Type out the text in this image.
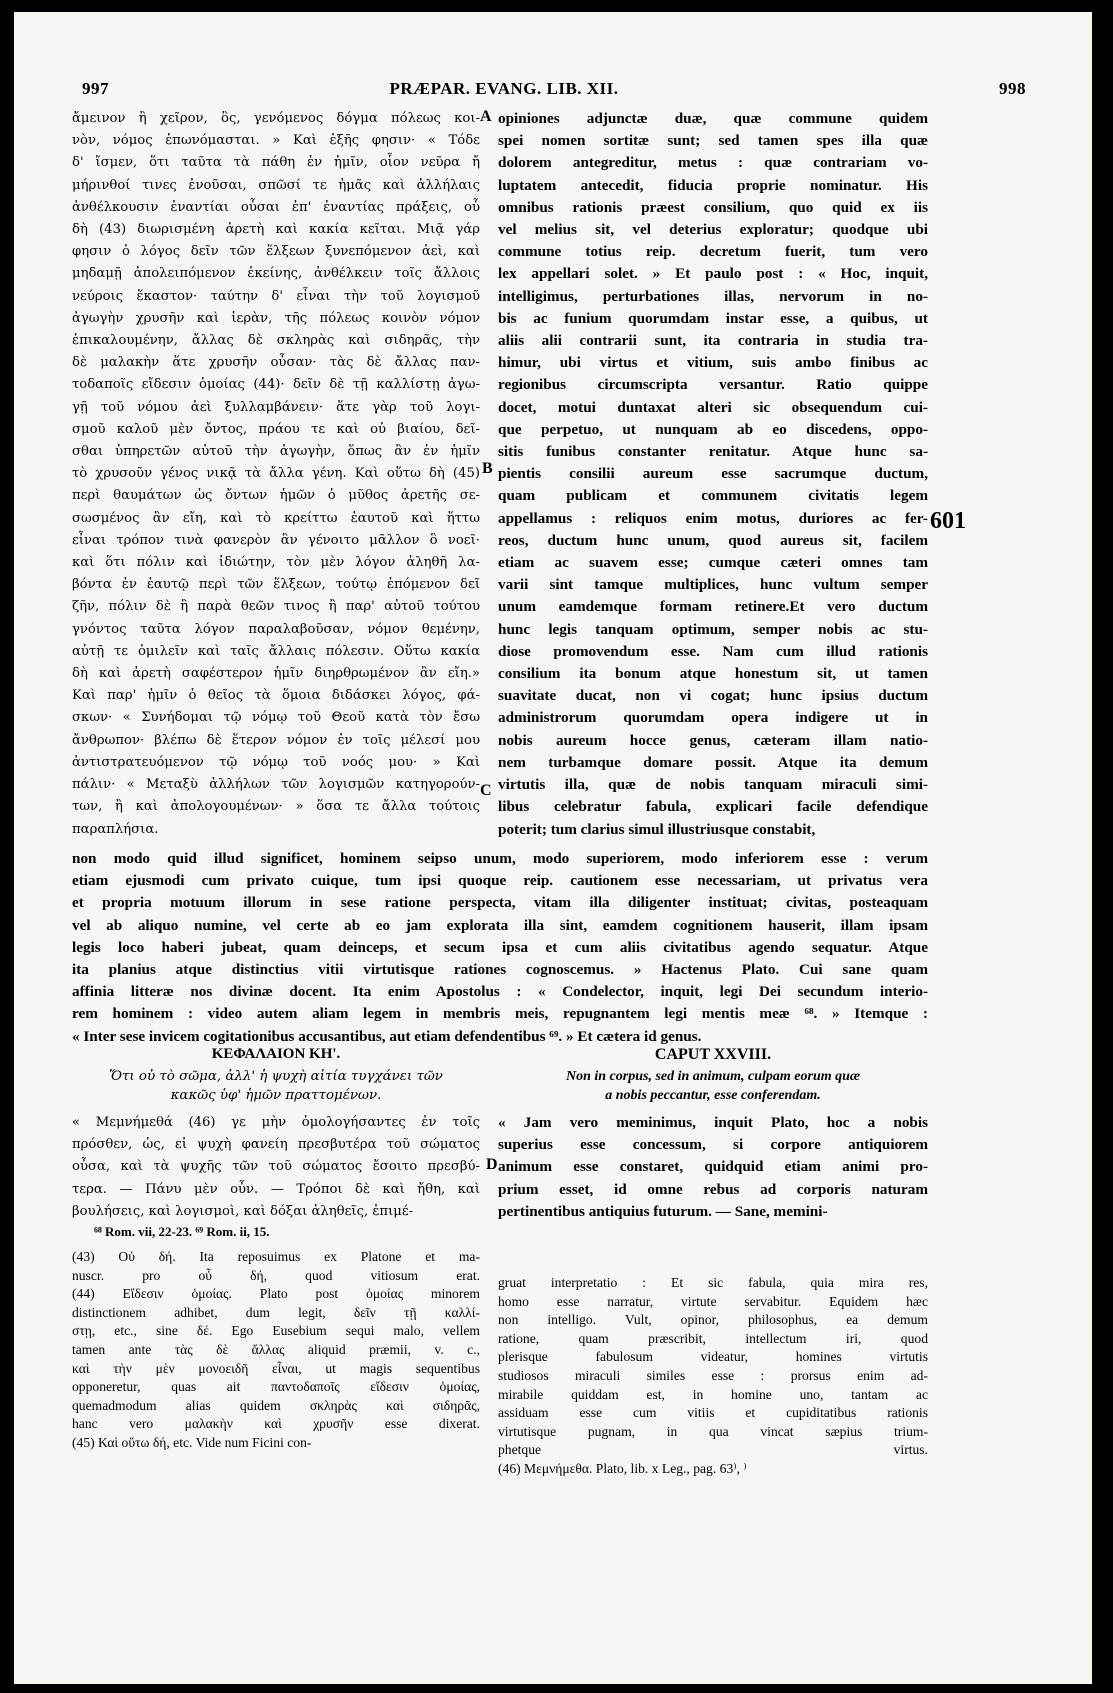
997	PRÆPAR. EVANG. LIB. XII.	998
ἄμεινον ἢ χεῖρον, ὃς, γενόμενος δόγμα πόλεως κοι-
νὸν, νόμος ἐπωνόμασται. » Καὶ ἑξῆς φησιν· « Τόδε
δ' ἴσμεν, ὅτι ταῦτα τὰ πάθη ἐν ἡμῖν, οἷον νεῦρα ἤ
μήρινθοί τινες ἐνοῦσαι, σπῶσί τε ἡμᾶς καὶ ἀλλήλαις
ἀνθέλκουσιν ἐναντίαι οὖσαι ἐπ' ἐναντίας πράξεις, οὗ
δὴ (43) διωρισμένη ἀρετὴ καὶ κακία κεῖται. Μιᾷ γάρ
φησιν ὁ λόγος δεῖν τῶν ἕλξεων ξυνεπόμενον ἀεὶ, καὶ
μηδαμῇ ἀπολειπόμενον ἐκείνης, ἀνθέλκειν τοῖς ἄλλοις
νεύροις ἕκαστον· ταύτην δ' εἶναι τὴν τοῦ λογισμοῦ
ἀγωγὴν χρυσῆν καὶ ἱερὰν, τῆς πόλεως κοινὸν νόμον
ἐπικαλουμένην, ἄλλας δὲ σκληρὰς καὶ σιδηρᾶς, τὴν
δὲ μαλακὴν ἅτε χρυσῆν οὖσαν· τὰς δὲ ἄλλας παν-
τοδαποῖς εἴδεσιν ὁμοίας (44)· δεῖν δὲ τῇ καλλίστῃ ἀγω-
γῇ τοῦ νόμου ἀεὶ ξυλλαμβάνειν· ἅτε γὰρ τοῦ λογι-
σμοῦ καλοῦ μὲν ὄντος, πράου τε καὶ οὐ βιαίου, δεῖ-
σθαι ὑπηρετῶν αὐτοῦ τὴν ἀγωγὴν, ὅπως ἂν ἐν ἡμῖν
τὸ χρυσοῦν γένος νικᾷ τὰ ἄλλα γένη. Καὶ οὕτω δὴ (45)
περὶ θαυμάτων ὡς ὄντων ἡμῶν ὁ μῦθος ἀρετῆς σε-
σωσμένος ἂν εἴη, καὶ τὸ κρείττω ἑαυτοῦ καὶ ἥττω
εἶναι τρόπον τινὰ φανερὸν ἂν γένοιτο μᾶλλον ὃ νοεῖ·
καὶ ὅτι πόλιν καὶ ἰδιώτην, τὸν μὲν λόγον ἀληθῆ λα-
βόντα ἐν ἑαυτῷ περὶ τῶν ἕλξεων, τούτῳ ἑπόμενον δεῖ
ζῆν, πόλιν δὲ ἢ παρὰ θεῶν τινος ἢ παρ' αὐτοῦ τούτου
γνόντος ταῦτα λόγον παραλαβοῦσαν, νόμον θεμένην,
αὐτῇ τε ὁμιλεῖν καὶ ταῖς ἄλλαις πόλεσιν. Οὕτω κακία
δὴ καὶ ἀρετὴ σαφέστερον ἡμῖν διηρθρωμένον ἂν εἴη.»
Καὶ παρ' ἡμῖν ὁ θεῖος τὰ ὅμοια διδάσκει λόγος, φά-
σκων· « Συνήδομαι τῷ νόμῳ τοῦ Θεοῦ κατὰ τὸν ἔσω
ἄνθρωπον· βλέπω δὲ ἕτερον νόμον ἐν τοῖς μέλεσί μου
ἀντιστρατευόμενον τῷ νόμῳ τοῦ νοός μου· » Καὶ
πάλιν· « Μεταξὺ ἀλλήλων τῶν λογισμῶν κατηγορούν-
των, ἢ καὶ ἀπολογουμένων· » ὅσα τε ἄλλα τούτοις
παραπλήσια.
opiniones adjunctæ duæ, quæ commune quidem
spei nomen sortitæ sunt; sed tamen spes illa quæ
dolorem antegreditur, metus : quæ contrariam vo-
luptatem antecedit, fiducia proprie nominatur. His
omnibus rationis præest consilium, quo quid ex iis
vel melius sit, vel deterius exploratur; quodque ubi
commune totius reip. decretum fuerit, tum vero
lex appellari solet. » Et paulo post : « Hoc, inquit,
intelligimus, perturbationes illas, nervorum in no-
bis ac funium quorumdam instar esse, a quibus, ut
aliis alii contrarii sunt, ita contraria in studia tra-
himur, ubi virtus et vitium, suis ambo finibus ac
regionibus circumscripta versantur. Ratio quippe
docet, motui duntaxat alteri sic obsequendum cui-
que perpetuo, ut nunquam ab eo discedens, oppo-
sitis funibus constanter renitatur. Atque hunc sa-
pientis consilii aureum esse sacrumque ductum,
quam publicam et communem civitatis legem
appellamus : reliquos enim motus, duriores ac fer-
reos, ductum hunc unum, quod aureus sit, facilem
etiam ac suavem esse; cumque cæteri omnes tam
varii sint tamque multiplices, hunc vultum semper
unum eamdemque formam retinere.Et vero ductum
hunc legis tanquam optimum, semper nobis ac stu-
diose promovendum esse. Nam cum illud rationis
consilium ita bonum atque honestum sit, ut tamen
suavitate ducat, non vi cogat; hunc ipsius ductum
administrorum quorumdam opera indigere ut in
nobis aureum hocce genus, cæteram illam natio-
nem turbamque domare possit. Atque ita demum
virtutis illa, quæ de nobis tanquam miraculi simi-
libus celebratur fabula, explicari facile defendique
poterit; tum clarius simul illustriusque constabit,
A
B
C
D
601
non modo quid illud significet, hominem seipso unum, modo superiorem, modo inferiorem esse : verum
etiam ejusmodi cum privato cuique, tum ipsi quoque reip. cautionem esse necessariam, ut privatus vera
et propria motuum illorum in sese ratione perspecta, vitam illa diligenter instituat; civitas, posteaquam
vel ab aliquo numine, vel certe ab eo jam explorata illa sint, eamdem cognitionem hauserit, illam ipsam
legis loco haberi jubeat, quam deinceps, et secum ipsa et cum aliis civitatibus agendo sequatur. Atque
ita planius atque distinctius vitii virtutisque rationes cognoscemus. » Hactenus Plato. Cui sane quam
affinia litteræ nos divinæ docent. Ita enim Apostolus : « Condelector, inquit, legi Dei secundum interio-
rem hominem : video autem aliam legem in membris meis, repugnantem legi mentis meæ ⁶⁸. » Itemque :
« Inter sese invicem cogitationibus accusantibus, aut etiam defendentibus ⁶⁹. » Et cætera id genus.
ΚΕΦΑΛΑΙΟΝ ΚΗ'.
Ὅτι οὐ τὸ σῶμα, ἀλλ' ἡ ψυχὴ αἰτία τυγχάνει τῶν
κακῶς ὑφ' ἡμῶν πραττομένων.
CAPUT XXVIII.
Non in corpus, sed in animum, culpam eorum quæ
a nobis peccantur, esse conferendam.
« Μεμνήμεθά (46) γε μὴν ὁμολογήσαντες ἐν τοῖς
πρόσθεν, ὡς, εἰ ψυχὴ φανείη πρεσβυτέρα τοῦ σώματος
οὖσα, καὶ τὰ ψυχῆς τῶν τοῦ σώματος ἔσοιτο πρεσβύ-
τερα. — Πάνυ μὲν οὖν. — Τρόποι δὲ καὶ ἤθη, καὶ
βουλήσεις, καὶ λογισμοὶ, καὶ δόξαι ἀληθεῖς, ἐπιμέ-
« Jam vero meminimus, inquit Plato, hoc a nobis
superius esse concessum, si corpore antiquiorem
animum esse constaret, quidquid etiam animi pro-
prium esset, id omne rebus ad corporis naturam
pertinentibus antiquius futurum. — Sane, memini-
⁶⁸ Rom. vii, 22-23. ⁶⁹ Rom. ii, 15.
(43) Οὐ δή. Ita reposuimus ex Platone et ma-
nuscr. pro οὗ δή, quod vitiosum erat.
(44) Εἴδεσιν ὁμοίας. Plato post ὁμοίας minorem
distinctionem adhibet, dum legit, δεῖν τῇ καλλί-
στῃ, etc., sine δέ. Ego Eusebium sequi malo, vellem
tamen ante τὰς δὲ ἄλλας aliquid præmii, v. c.,
καὶ τὴν μὲν μονοειδῆ εἶναι, ut magis sequentibus
opponeretur, quas ait παντοδαποῖς εἴδεσιν ὁμοίας,
quemadmodum alias quidem σκληρὰς καὶ σιδηρᾶς,
hanc vero μαλακὴν καὶ χρυσῆν esse dixerat.
(45) Καὶ οὕτω δή, etc. Vide num Ficini con-
gruat interpretatio : Et sic fabula, quia mira res,
homo esse narratur, virtute servabitur. Equidem hæc
non intelligo. Vult, opinor, philosophus, ea demum
ratione, quam præscribit, intellectum iri, quod
plerisque fabulosum videatur, homines virtutis
studiosos miraculi similes esse : prorsus enim ad-
mirabile quiddam est, in homine uno, tantam ac
assiduam esse cum vitiis et cupiditatibus rationis
virtutisque pugnam, in qua vincat sæpius trium-
phetque virtus.
(46) Μεμνήμεθα. Plato, lib. x Leg., pag. 63⁾, ⁾
